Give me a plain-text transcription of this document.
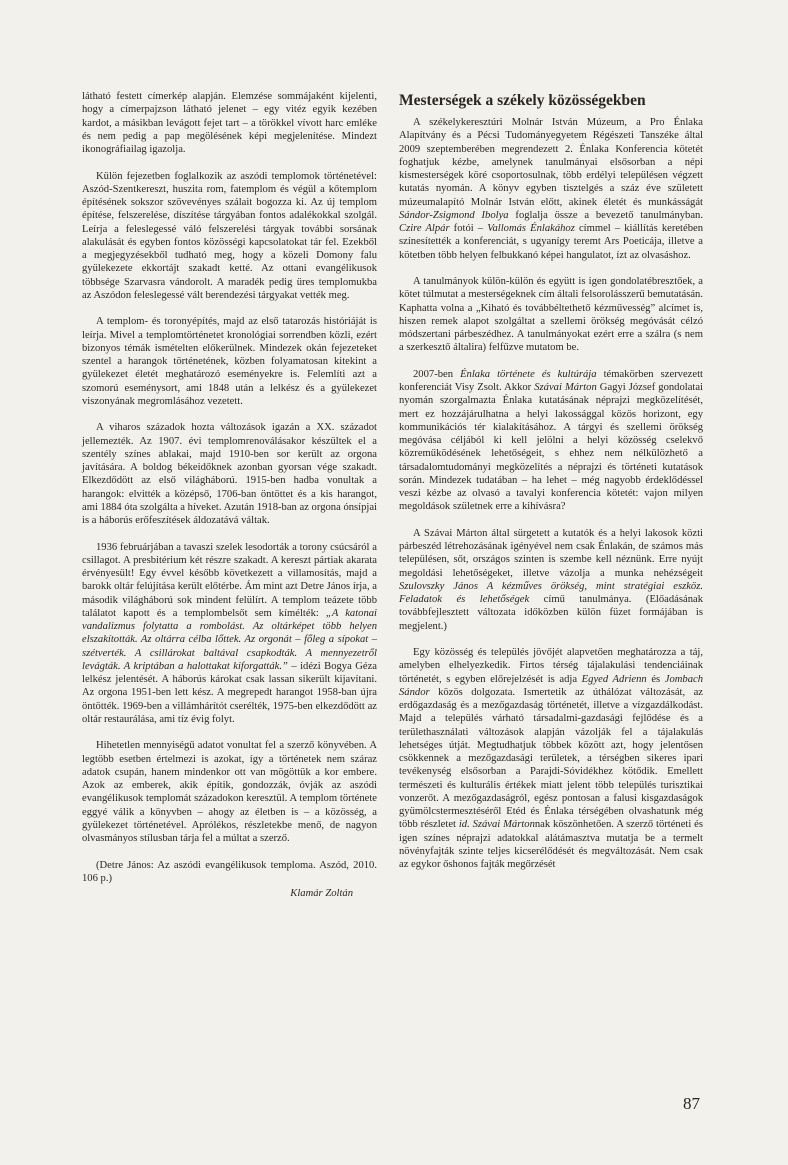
látható festett címerkép alapján. Elemzése sommájaként kijelenti, hogy a címerpajzson látható jelenet – egy vitéz egyik kezében kardot, a másikban levágott fejet tart – a törökkel vívott harc emléke és nem pedig a pap megölésének képi megjelenítése. Mindezt ikonográfiailag igazolja.

Külön fejezetben foglalkozik az aszódi templomok történetével: Aszód-Szentkereszt, huszita rom, fatemplom és végül a kőtemplom építésének sokszor szövevényes szálait bogozza ki. Az új templom építése, felszerelése, díszítése tárgyában fontos adalékokkal szolgál. Leírja a feleslegessé váló felszerelési tárgyak további sorsának alakulását és egyben fontos közösségi kapcsolatokat tár fel. Ezekből a megjegyzésekből tudható meg, hogy a közeli Domony falu gyülekezete ekkortájt szakadt ketté. Az ottani evangélikusok többsége Szarvasra vándorolt. A maradék pedig üres templomukba az Aszódon feleslegessé vált berendezési tárgyakat vették meg.

A templom- és toronyépítés, majd az első tatarozás históriáját is leírja. Mivel a templomtörténetet kronológiai sorrendben közli, ezért bizonyos témák ismételten előkerülnek. Mindezek okán fejezeteket szentel a harangok történetének, közben folyamatosan kitekint a gyülekezet életét meghatározó eseményekre is. Felemlíti azt a szomorú eseménysort, ami 1848 után a lelkész és a gyülekezet viszonyának megromlásához vezetett.

A viharos századok hozta változások igazán a XX. századot jellemezték. Az 1907. évi templomrenoválásakor készültek el a szentély színes ablakai, majd 1910-ben sor került az orgona javítására. A boldog békeidőknek azonban gyorsan vége szakadt. Elkezdődött az első világháború. 1915-ben hadba vonultak a harangok: elvitték a középső, 1706-ban öntöttet és a kis harangot, ami 1884 óta szolgálta a híveket. Azután 1918-ban az orgona ónsípjai is a háborús erőfeszítések áldozatává váltak.

1936 februárjában a tavaszi szelek lesodorták a torony csúcsáról a csillagot. A presbitérium két részre szakadt. A kereszt pártiak akarata érvényesült! Egy évvel később következett a villamosítás, majd a barokk oltár felújítása került előtérbe. Ám mint azt Detre János írja, a második világháború sok mindent felülírt. A templom teázete több találatot kapott és a templombelsőt sem kímélték: „A katonai vandalizmus folytatta a rombolást. Az oltárképet több helyen elszakították. Az oltárra célba lőttek. Az orgonát – főleg a sípokat – szétverték. A csillárokat baltával csapkodták. A mennyezetről levágták. A kriptában a halottakat kiforgatták.” – idézi Bogya Géza lelkész jelentését. A háborús károkat csak lassan sikerült kijavítani. Az orgona 1951-ben lett kész. A megrepedt harangot 1958-ban újra öntötték. 1969-ben a villámhárítót cserélték, 1975-ben elkezdődött az oltár restaurálása, ami tíz évig folyt.

Hihetetlen mennyiségű adatot vonultat fel a szerző könyvében. A legtöbb esetben értelmezi is azokat, így a történetek nem száraz adatok csupán, hanem mindenkor ott van mögöttük a kor embere. Azok az emberek, akik építik, gondozzák, óvják az aszódi evangélikusok templomát századokon keresztül. A templom története eggyé válik a könyvben – ahogy az életben is – a közösség, a gyülekezet történetével. Aprólékos, részletekbe menő, de nagyon olvasmányos stílusban tárja fel a múltat a szerző.

(Detre János: Az aszódi evangélikusok temploma. Aszód, 2010. 106 p.)

Klamár Zoltán
Mesterségek a székely közösségekben

A székelykeresztúri Molnár István Múzeum, a Pro Énlaka Alapítvány és a Pécsi Tudományegyetem Régészeti Tanszéke által 2009 szeptemberében megrendezett 2. Énlaka Konferencia kötetét foghatjuk kézbe, amelynek tanulmányai elsősorban a népi kismesterségek köré csoportosulnak, több erdélyi településen végzett kutatás nyomán. A könyv egyben tisztelgés a száz éve született múzeumalapító Molnár István előtt, akinek életét és munkásságát Sándor-Zsigmond Ibolya foglalja össze a bevezető tanulmányban. Czire Alpár fotói – Vallomás Énlakához címmel – kiállítás keretében színesítették a konferenciát, s ugyanígy teremt Ars Poeticája, illetve a kötetben több helyen felbukkanó képei hangulatot, ízt az olvasáshoz.

A tanulmányok külön-külön és együtt is igen gondolatébresztőek, a kötet túlmutat a mesterségeknek cím általi felsorolásszerű bemutatásán. Kaphatta volna a „Kiható és továbbéltethető kézművesség” alcímet is, hiszen remek alapot szolgáltat a szellemi örökség megóvását célzó módszertani párbeszédhez. A tanulmányokat ezért erre a szálra (s nem a szerkesztő általira) felfűzve mutatom be.

2007-ben Énlaka története és kultúrája témakörben szervezett konferenciát Visy Zsolt. Akkor Szávai Márton Gagyi József gondolatai nyomán szorgalmazta Énlaka kutatásának néprajzi megközelítését, mert ez hozzájárulhatna a helyi lakossággal közös horizont, egy kommunikációs tér kialakításához. A tárgyi és szellemi örökség megóvása céljából ki kell jelölni a helyi közösség cselekvő közreműködésének lehetőségeit, s ehhez nem nélkülözhető a társadalomtudományi megközelítés a néprajzi és történeti kutatások során. Mindezek tudatában – ha lehet – még nagyobb érdeklődéssel veszi kézbe az olvasó a tavalyi konferencia kötetét: vajon milyen megoldások születnek erre a kihívásra?

A Szávai Márton által sürgetett a kutatók és a helyi lakosok közti párbeszéd létrehozásának igényével nem csak Énlakán, de számos más településen, sőt, országos szinten is szembe kell néznünk. Erre nyújt megoldási lehetőségeket, illetve vázolja a munka nehézségeit Szulovszky János A kézműves örökség, mint stratégiai eszköz. Feladatok és lehetőségek című tanulmánya. (Előadásának továbbfejlesztett változata időközben külön füzet formájában is megjelent.)

Egy közösség és település jövőjét alapvetően meghatározza a táj, amelyben elhelyezkedik. Firtos térség tájalakulási tendenciáinak történetét, s egyben előrejelzését is adja Egyed Adrienn és Jombach Sándor közös dolgozata. Ismertetik az úthálózat változását, az erdőgazdaság és a mezőgazdaság történetét, illetve a vízgazdálkodást. Majd a település várható társadalmi-gazdasági fejlődése és a területhasználati változások alapján vázolják fel a tájalakulás lehetséges útját. Megtudhatjuk többek között azt, hogy jelentősen csökkennek a mezőgazdasági területek, a térségben sikeres ipari tevékenység elsősorban a Parajdi-Sóvidékhez kötődik. Emellett természeti és kulturális értékek miatt jelent több település turisztikai vonzerőt. A mezőgazdaságról, egész pontosan a falusi kisgazdaságok gyümölcstermesztéséről Etéd és Énlaka térségében olvashatunk még több részletet id. Szávai Mártonnak köszönhetően. A szerző történeti és igen színes néprajzi adatokkal alátámasztva mutatja be a termelt növényfajták szinte teljes kicserélődését és megváltozását. Nem csak az egykor őshonos fajták megőrzését

87
